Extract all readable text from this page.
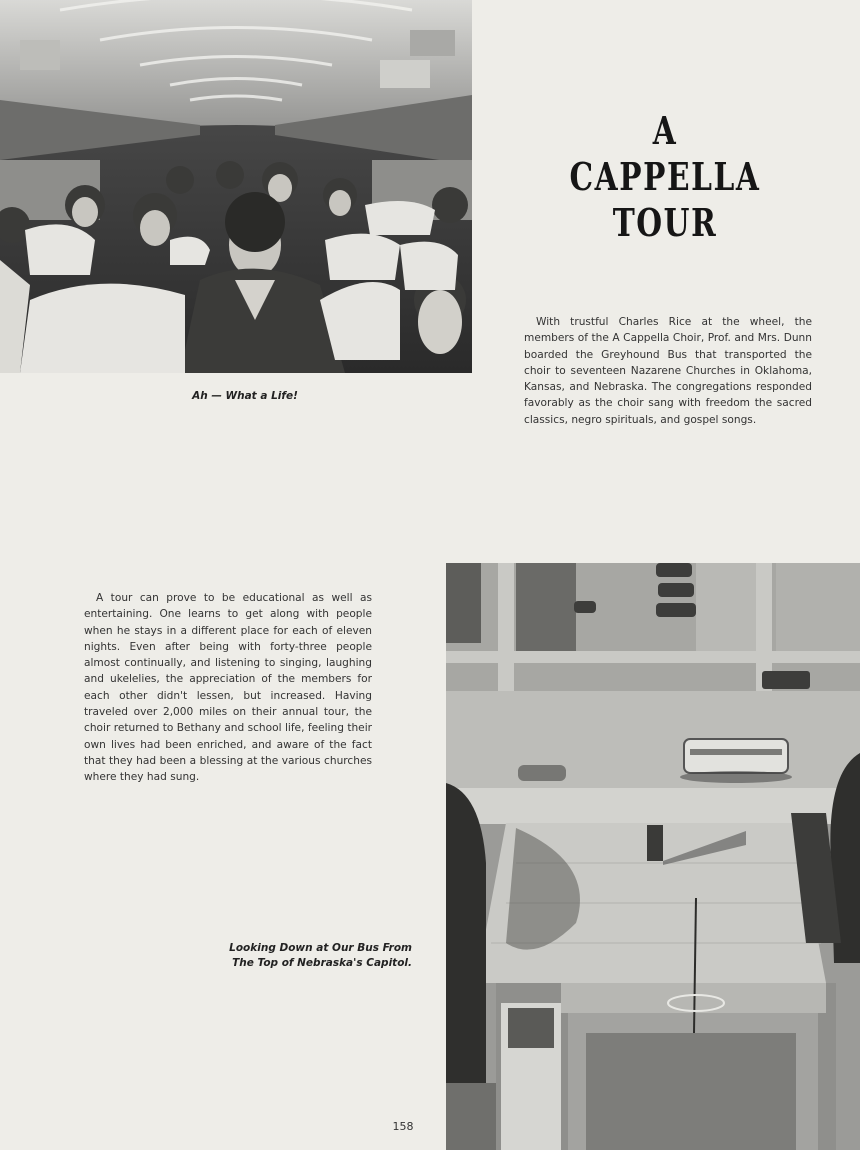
A CAPPELLA
TOUR

With trustful Charles Rice at the wheel, the members of the A Cappella Choir, Prof. and Mrs. Dunn boarded the Greyhound Bus that transported the choir to seventeen Nazarene Churches in Oklahoma, Kansas, and Nebraska. The congregations responded favorably as the choir sang with freedom the sacred classics, negro spirituals, and gospel songs.

Ah — What a Life!

A tour can prove to be educational as well as entertaining. One learns to get along with people when he stays in a different place for each of eleven nights. Even after being with forty-three people almost continually, and listening to singing, laughing and ukelelies, the appreciation of the members for each other didn't lessen, but increased. Having traveled over 2,000 miles on their annual tour, the choir returned to Bethany and school life, feeling their own lives had been enriched, and aware of the fact that they had been a blessing at the various churches where they had sung.

Looking Down at Our Bus From
The Top of Nebraska's Capitol.
158
